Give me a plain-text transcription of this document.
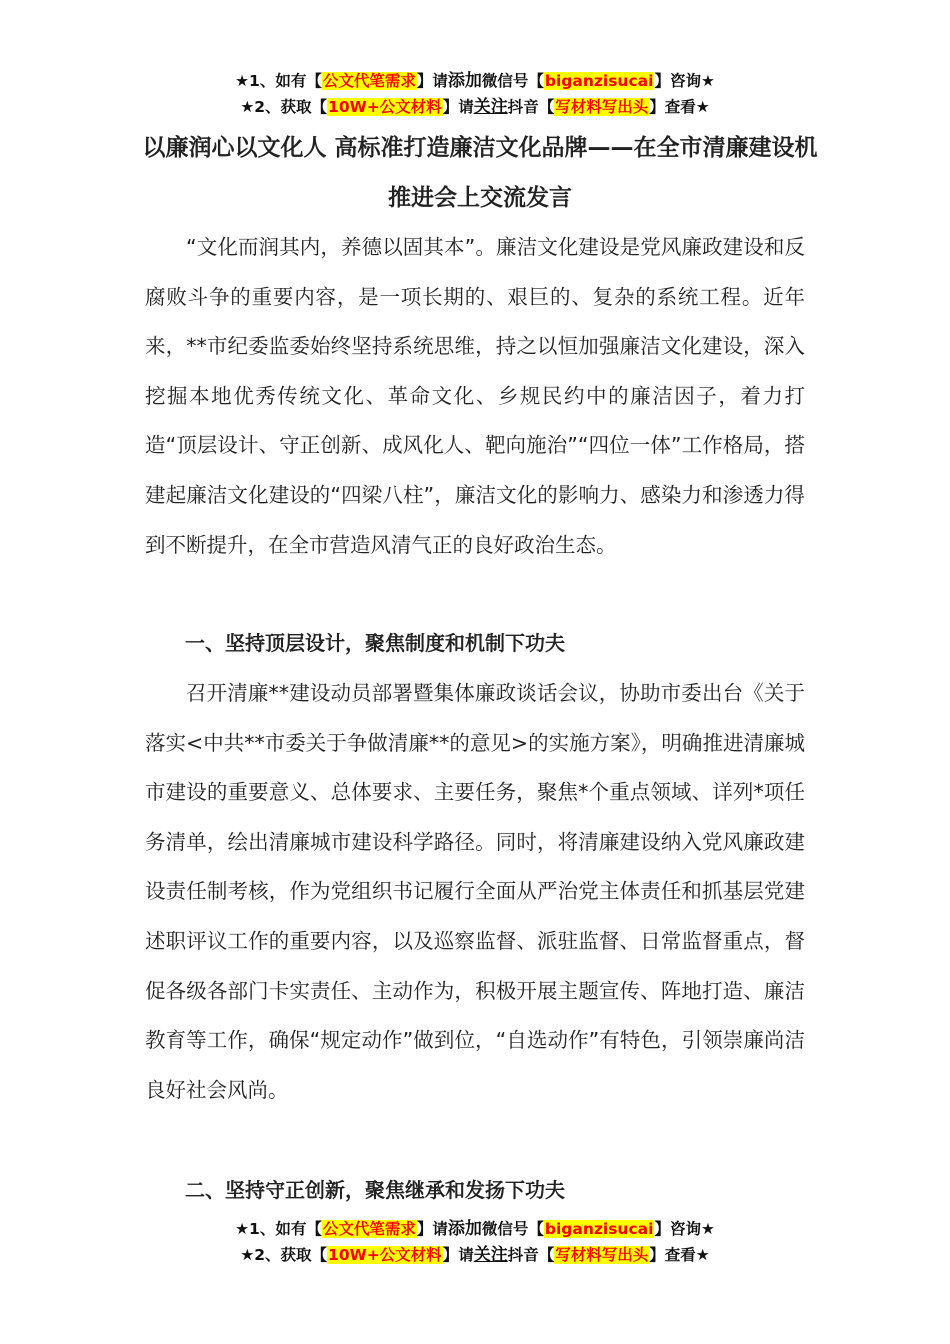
★1、如有【公文代笔需求】请添加微信号【biganzisucai】咨询★
★2、获取【10W+公文材料】请关注抖音【写材料写出头】查看★
以廉润心以文化人 高标准打造廉洁文化品牌——在全市清廉建设机推进会上交流发言

“文化而润其内，养德以固其本”。廉洁文化建设是党风廉政建设和反腐败斗争的重要内容，是一项长期的、艰巨的、复杂的系统工程。近年来，**市纪委监委始终坚持系统思维，持之以恒加强廉洁文化建设，深入挖掘本地优秀传统文化、革命文化、乡规民约中的廉洁因子，着力打造“顶层设计、守正创新、成风化人、靶向施治”“四位一体”工作格局，搭建起廉洁文化建设的“四梁八柱”，廉洁文化的影响力、感染力和渗透力得到不断提升，在全市营造风清气正的良好政治生态。

一、坚持顶层设计，聚焦制度和机制下功夫

召开清廉**建设动员部署暨集体廉政谈话会议，协助市委出台《关于落实<中共**市委关于争做清廉**的意见>的实施方案》，明确推进清廉城市建设的重要意义、总体要求、主要任务，聚焦*个重点领域、详列*项任务清单，绘出清廉城市建设科学路径。同时，将清廉建设纳入党风廉政建设责任制考核，作为党组织书记履行全面从严治党主体责任和抓基层党建述职评议工作的重要内容，以及巡察监督、派驻监督、日常监督重点，督促各级各部门卡实责任、主动作为，积极开展主题宣传、阵地打造、廉洁教育等工作，确保“规定动作”做到位，“自选动作”有特色，引领崇廉尚洁良好社会风尚。

二、坚持守正创新，聚焦继承和发扬下功夫

★1、如有【公文代笔需求】请添加微信号【biganzisucai】咨询★
★2、获取【10W+公文材料】请关注抖音【写材料写出头】查看★
